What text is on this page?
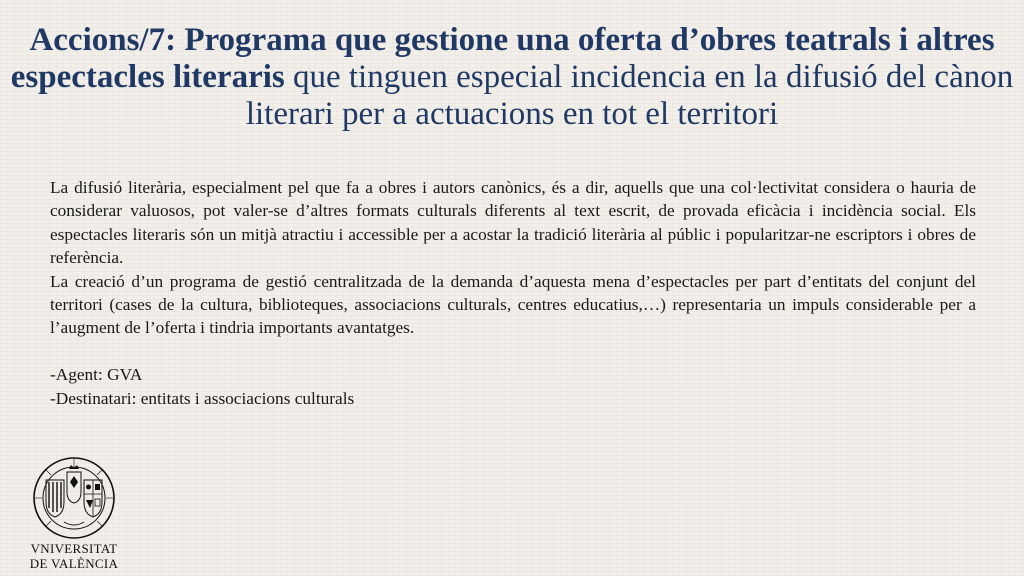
Accions/7: Programa que gestione una oferta d’obres teatrals i altres espectacles literaris que tinguen especial incidencia en la difusió del cànon literari per a actuacions en tot el territori

La difusió literària, especialment pel que fa a obres i autors canònics, és a dir, aquells que una col·lectivitat considera o hauria de considerar valuosos, pot valer-se d’altres formats culturals diferents al text escrit, de provada eficàcia i incidència social. Els espectacles literaris són un mitjà atractiu i accessible per a acostar la tradició literària al públic i popularitzar-ne escriptors i obres de referència.

La creació d’un programa de gestió centralitzada de la demanda d’aquesta mena d’espectacles per part d’entitats del conjunt del territori (cases de la cultura, biblioteques, associacions culturals, centres educatius,…) representaria un impuls considerable per a l’augment de l’oferta i tindria importants avantatges.

-Agent: GVA
-Destinatari: entitats i associacions culturals
VNIVERSITAT
DE VALÈNCIA
